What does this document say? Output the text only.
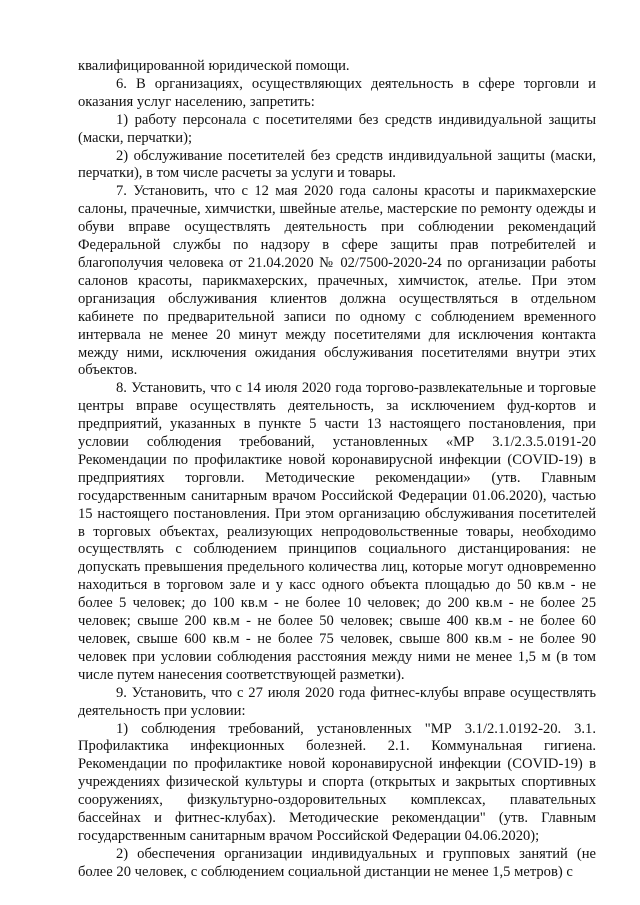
квалифицированной юридической помощи.

6. В организациях, осуществляющих деятельность в сфере торговли и оказания услуг населению, запретить:

1) работу персонала с посетителями без средств индивидуальной защиты (маски, перчатки);

2) обслуживание посетителей без средств индивидуальной защиты (маски, перчатки), в том числе расчеты за услуги и товары.

7. Установить, что с 12 мая 2020 года салоны красоты и парикмахерские салоны, прачечные, химчистки, швейные ателье, мастерские по ремонту одежды и обуви вправе осуществлять деятельность при соблюдении рекомендаций Федеральной службы по надзору в сфере защиты прав потребителей и благополучия человека от 21.04.2020 № 02/7500-2020-24 по организации работы салонов красоты, парикмахерских, прачечных, химчисток, ателье. При этом организация обслуживания клиентов должна осуществляться в отдельном кабинете по предварительной записи по одному с соблюдением временного интервала не менее 20 минут между посетителями для исключения контакта между ними, исключения ожидания обслуживания посетителями внутри этих объектов.

8. Установить, что с 14 июля 2020 года торгово-развлекательные и торговые центры вправе осуществлять деятельность, за исключением фуд-кортов и предприятий, указанных в пункте 5 части 13 настоящего постановления, при условии соблюдения требований, установленных «МР 3.1/2.3.5.0191-20 Рекомендации по профилактике новой коронавирусной инфекции (COVID-19) в предприятиях торговли. Методические рекомендации» (утв. Главным государственным санитарным врачом Российской Федерации 01.06.2020), частью 15 настоящего постановления. При этом организацию обслуживания посетителей в торговых объектах, реализующих непродовольственные товары, необходимо осуществлять с соблюдением принципов социального дистанцирования: не допускать превышения предельного количества лиц, которые могут одновременно находиться в торговом зале и у касс одного объекта площадью до 50 кв.м - не более 5 человек; до 100 кв.м - не более 10 человек; до 200 кв.м - не более 25 человек; свыше 200 кв.м - не более 50 человек; свыше 400 кв.м - не более 60 человек, свыше 600 кв.м - не более 75 человек, свыше 800 кв.м - не более 90 человек при условии соблюдения расстояния между ними не менее 1,5 м (в том числе путем нанесения соответствующей разметки).

9. Установить, что с 27 июля 2020 года фитнес-клубы вправе осуществлять деятельность при условии:

1) соблюдения требований, установленных "МР 3.1/2.1.0192-20. 3.1. Профилактика инфекционных болезней. 2.1. Коммунальная гигиена. Рекомендации по профилактике новой коронавирусной инфекции (COVID-19) в учреждениях физической культуры и спорта (открытых и закрытых спортивных сооружениях, физкультурно-оздоровительных комплексах, плавательных бассейнах и фитнес-клубах). Методические рекомендации" (утв. Главным государственным санитарным врачом Российской Федерации 04.06.2020);

2) обеспечения организации индивидуальных и групповых занятий (не более 20 человек, с соблюдением социальной дистанции не менее 1,5 метров) с
